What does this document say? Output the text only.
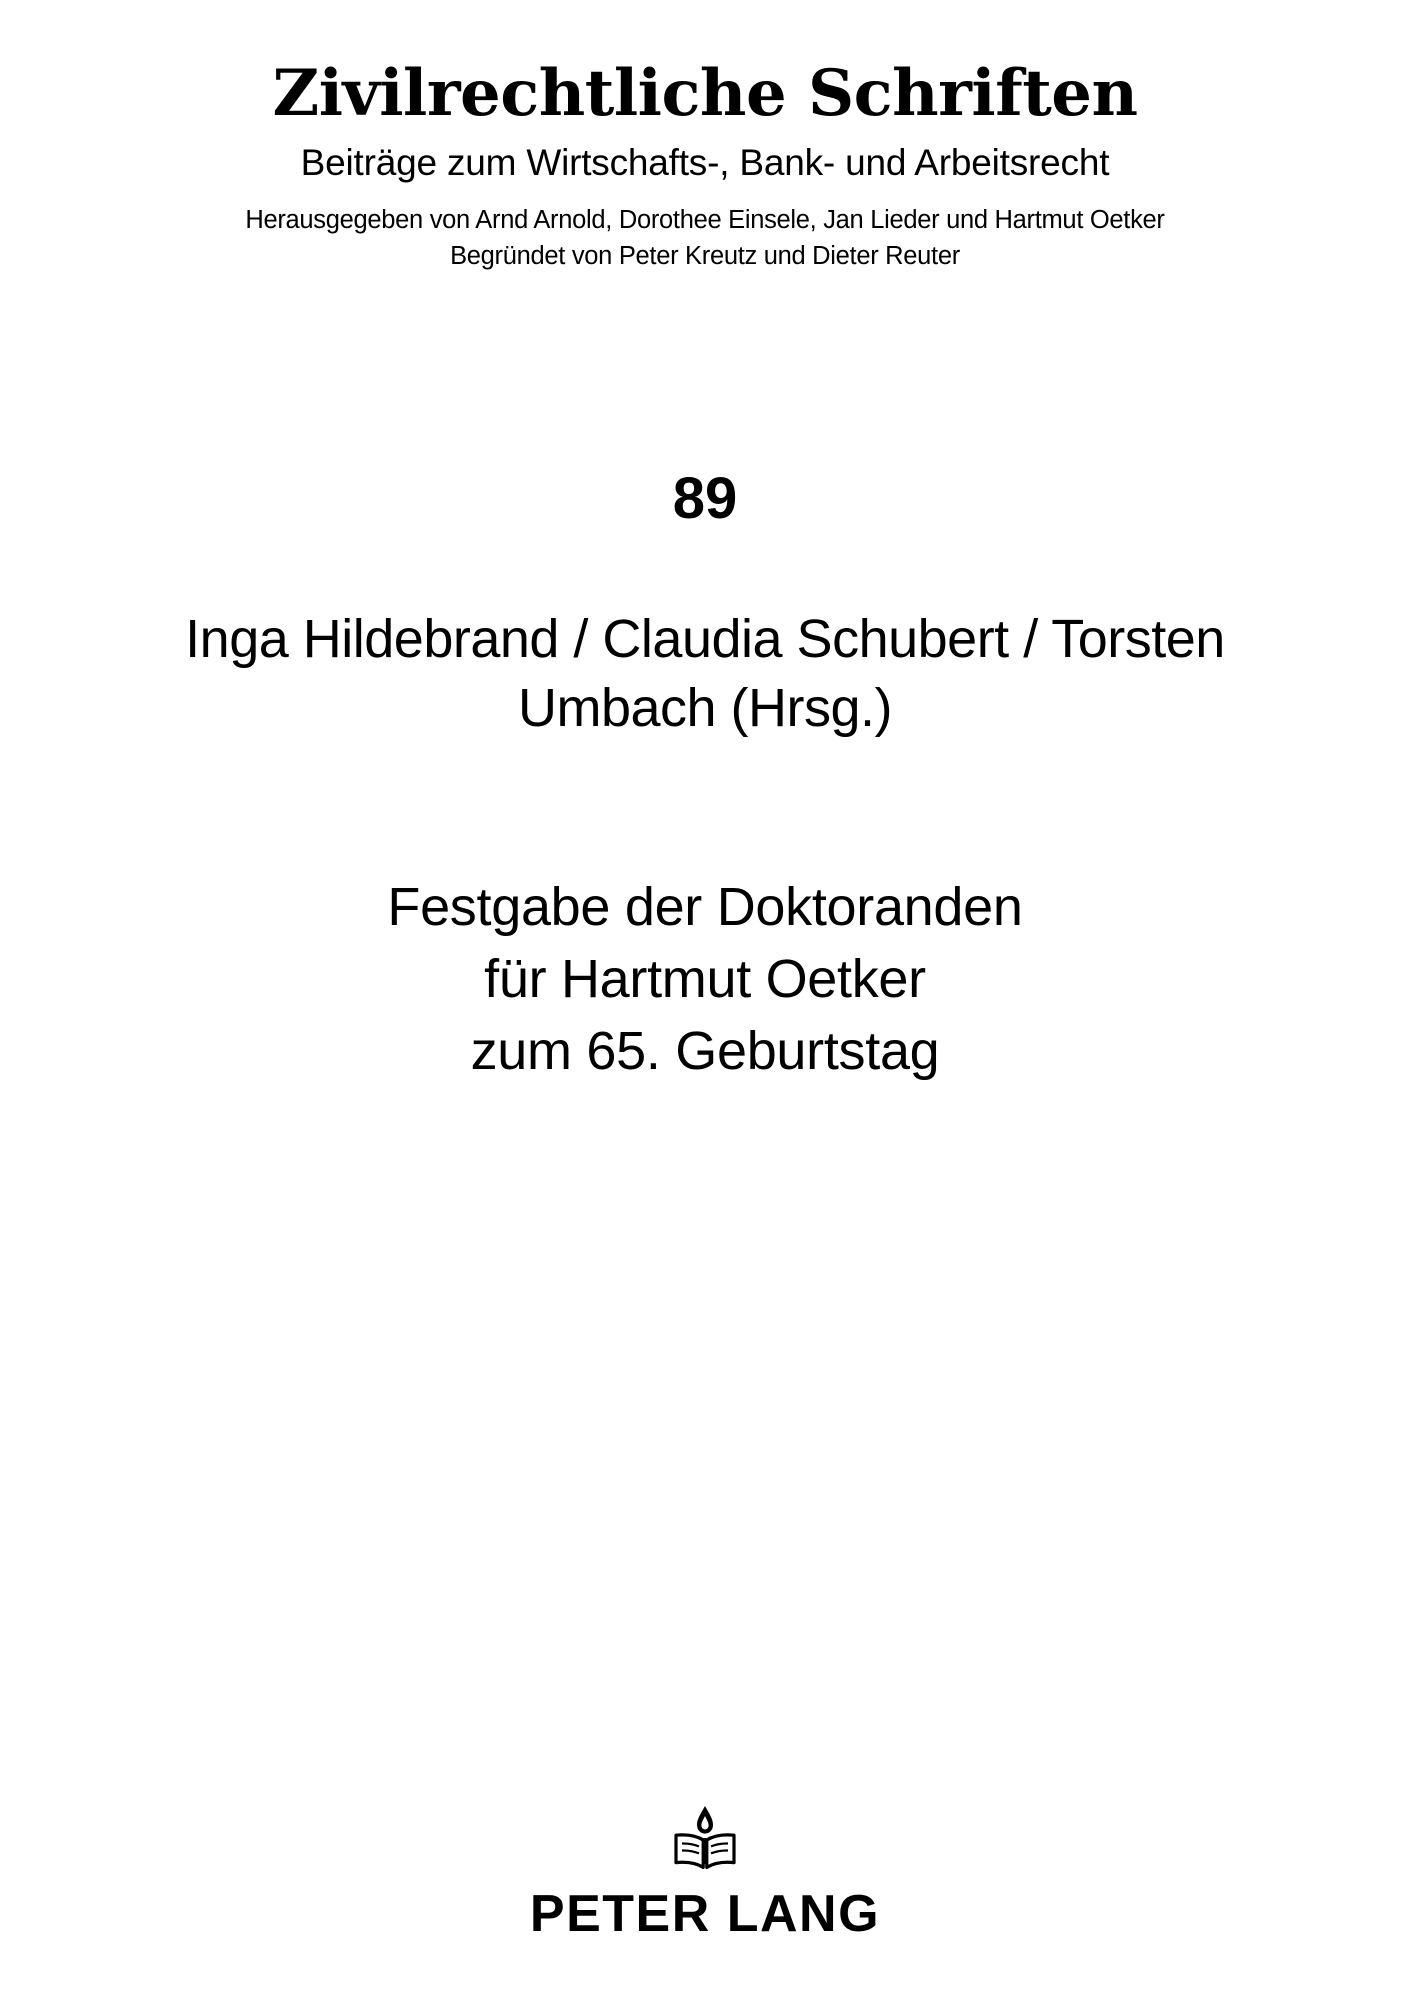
Zivilrechtliche Schriften
Beiträge zum Wirtschafts-, Bank- und Arbeitsrecht
Herausgegeben von Arnd Arnold, Dorothee Einsele, Jan Lieder und Hartmut Oetker
Begründet von Peter Kreutz und Dieter Reuter
89
Inga Hildebrand / Claudia Schubert / Torsten Umbach (Hrsg.)
Festgabe der Doktoranden
für Hartmut Oetker
zum 65. Geburtstag
PETER LANG
